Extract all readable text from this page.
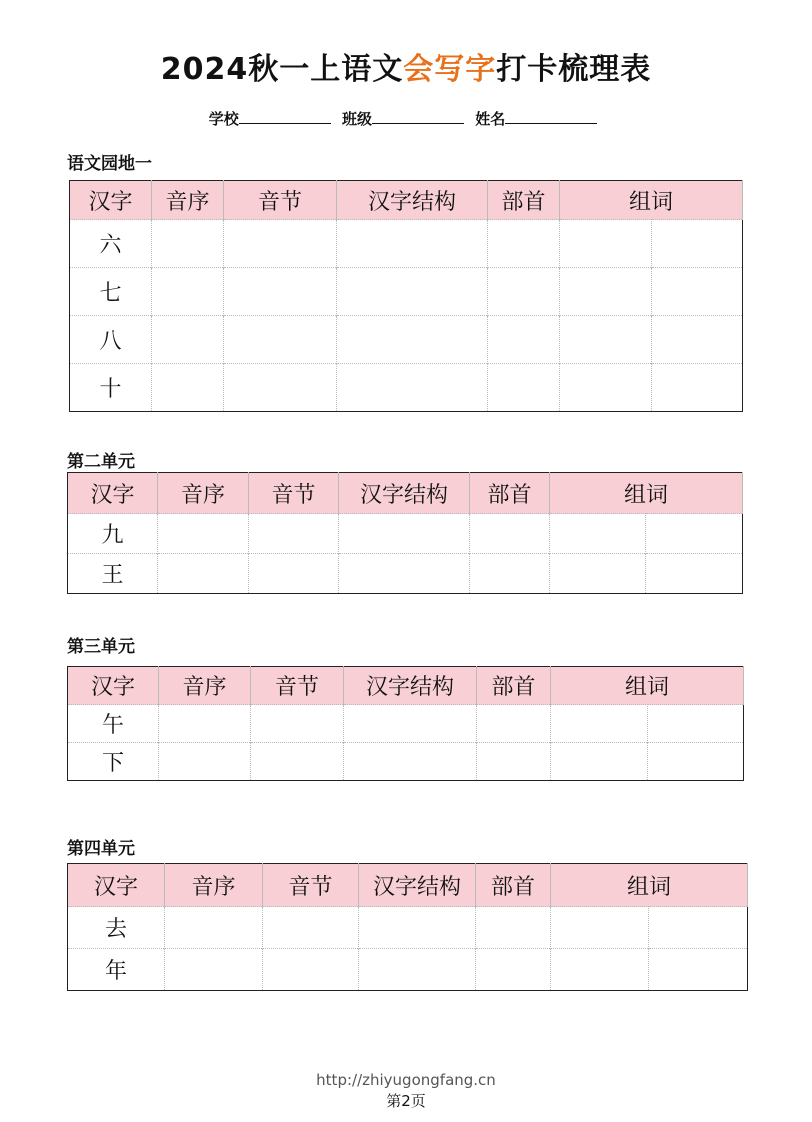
2024秋一上语文会写字打卡梳理表
学校	班级	姓名
语文园地一
汉字	音序	音节	汉字结构	部首	组词	
六						
七						
八						
十						
第二单元
汉字	音序	音节	汉字结构	部首	组词	
九						
王						
第三单元
汉字	音序	音节	汉字结构	部首	组词	
午						
下						
第四单元
汉字	音序	音节	汉字结构	部首	组词	
去						
年						
http://zhiyugongfang.cn
第2页
